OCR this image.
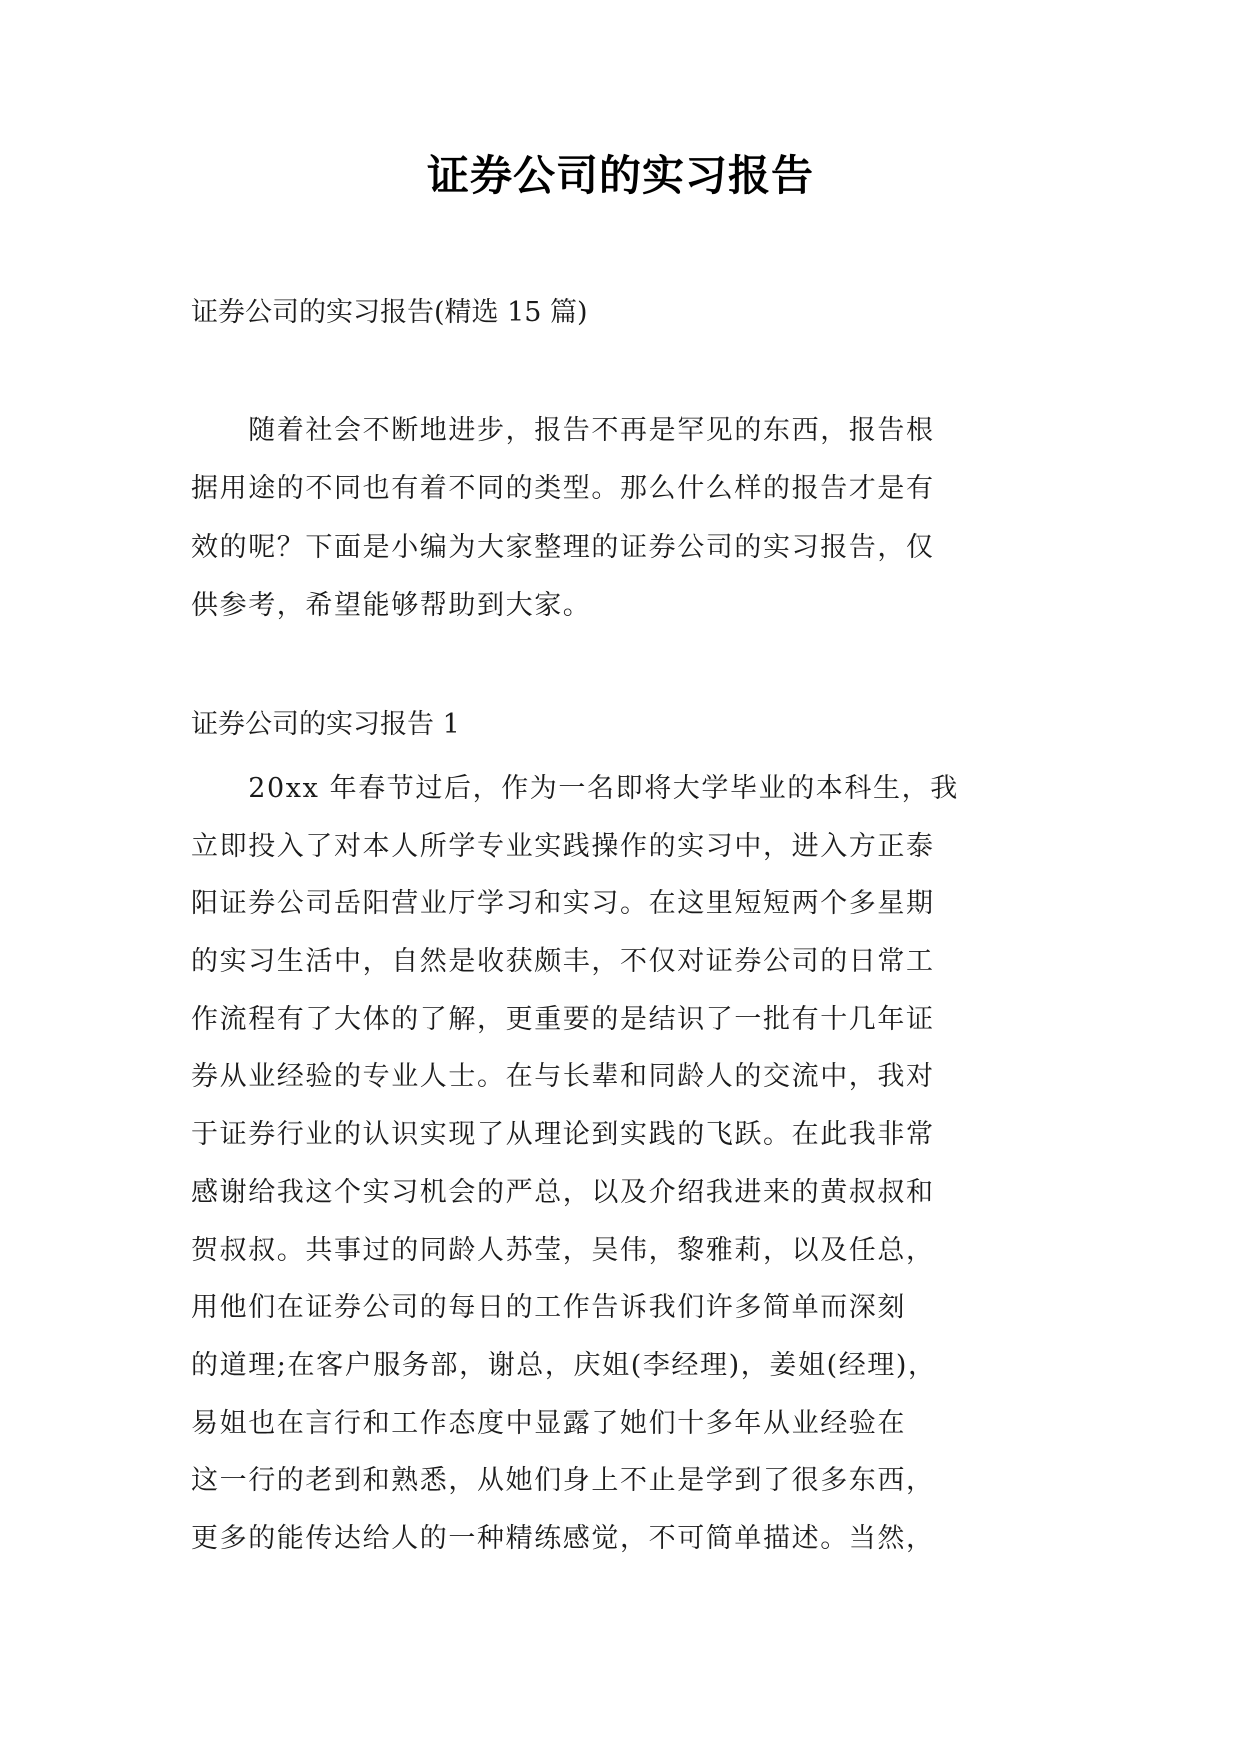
证券公司的实习报告
证券公司的实习报告(精选 15 篇)
　　随着社会不断地进步，报告不再是罕见的东西，报告根
据用途的不同也有着不同的类型。那么什么样的报告才是有
效的呢？下面是小编为大家整理的证券公司的实习报告，仅
供参考，希望能够帮助到大家。
证券公司的实习报告 1
　　20xx 年春节过后，作为一名即将大学毕业的本科生，我
立即投入了对本人所学专业实践操作的实习中，进入方正泰
阳证券公司岳阳营业厅学习和实习。在这里短短两个多星期
的实习生活中，自然是收获颇丰，不仅对证券公司的日常工
作流程有了大体的了解，更重要的是结识了一批有十几年证
券从业经验的专业人士。在与长辈和同龄人的交流中，我对
于证券行业的认识实现了从理论到实践的飞跃。在此我非常
感谢给我这个实习机会的严总，以及介绍我进来的黄叔叔和
贺叔叔。共事过的同龄人苏莹，吴伟，黎雅莉，以及任总，
用他们在证券公司的每日的工作告诉我们许多简单而深刻
的道理;在客户服务部，谢总，庆姐(李经理)，姜姐(经理)，
易姐也在言行和工作态度中显露了她们十多年从业经验在
这一行的老到和熟悉，从她们身上不止是学到了很多东西，
更多的能传达给人的一种精练感觉，不可简单描述。当然，
